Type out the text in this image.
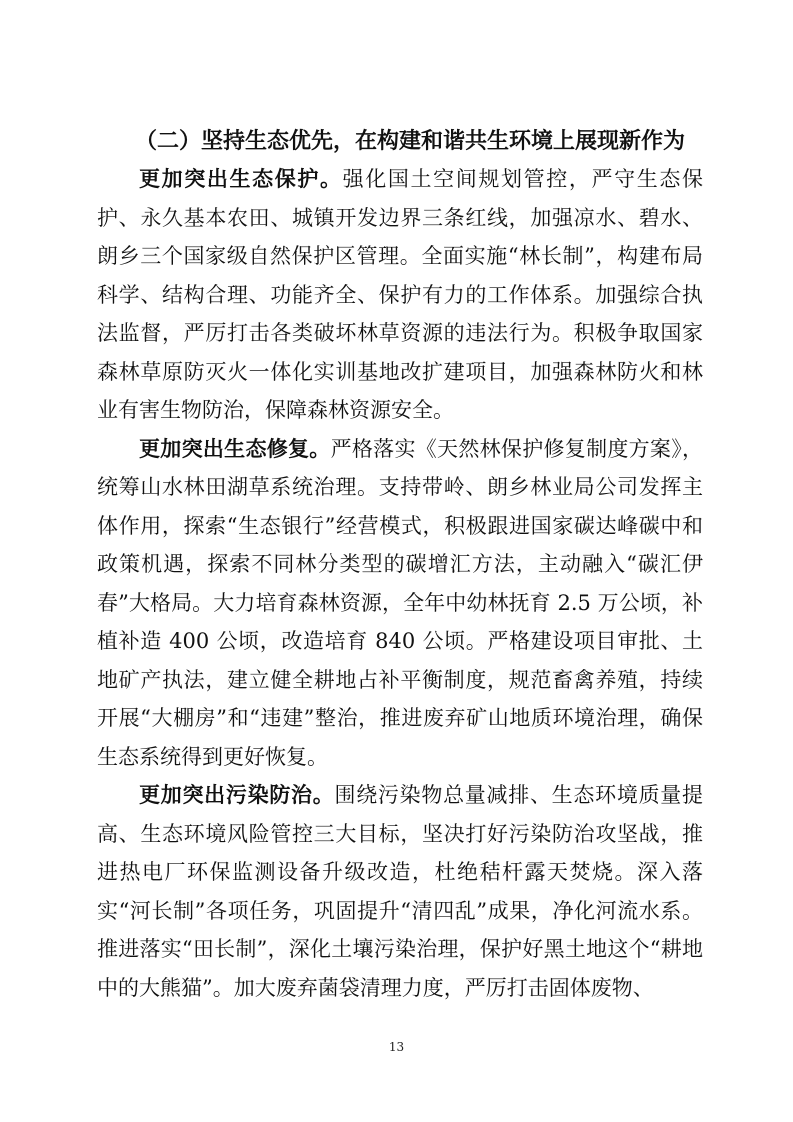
（二）坚持生态优先，在构建和谐共生环境上展现新作为

更加突出生态保护。强化国土空间规划管控，严守生态保护、永久基本农田、城镇开发边界三条红线，加强凉水、碧水、朗乡三个国家级自然保护区管理。全面实施“林长制”，构建布局科学、结构合理、功能齐全、保护有力的工作体系。加强综合执法监督，严厉打击各类破坏林草资源的违法行为。积极争取国家森林草原防灭火一体化实训基地改扩建项目，加强森林防火和林业有害生物防治，保障森林资源安全。

更加突出生态修复。严格落实《天然林保护修复制度方案》，统筹山水林田湖草系统治理。支持带岭、朗乡林业局公司发挥主体作用，探索“生态银行”经营模式，积极跟进国家碳达峰碳中和政策机遇，探索不同林分类型的碳增汇方法，主动融入“碳汇伊春”大格局。大力培育森林资源，全年中幼林抚育 2.5 万公顷，补植补造 400 公顷，改造培育 840 公顷。严格建设项目审批、土地矿产执法，建立健全耕地占补平衡制度，规范畜禽养殖，持续开展“大棚房”和“违建”整治，推进废弃矿山地质环境治理，确保生态系统得到更好恢复。

更加突出污染防治。围绕污染物总量减排、生态环境质量提高、生态环境风险管控三大目标，坚决打好污染防治攻坚战，推进热电厂环保监测设备升级改造，杜绝秸杆露天焚烧。深入落实“河长制”各项任务，巩固提升“清四乱”成果，净化河流水系。推进落实“田长制”，深化土壤污染治理，保护好黑土地这个“耕地中的大熊猫”。加大废弃菌袋清理力度，严厉打击固体废物、

13
